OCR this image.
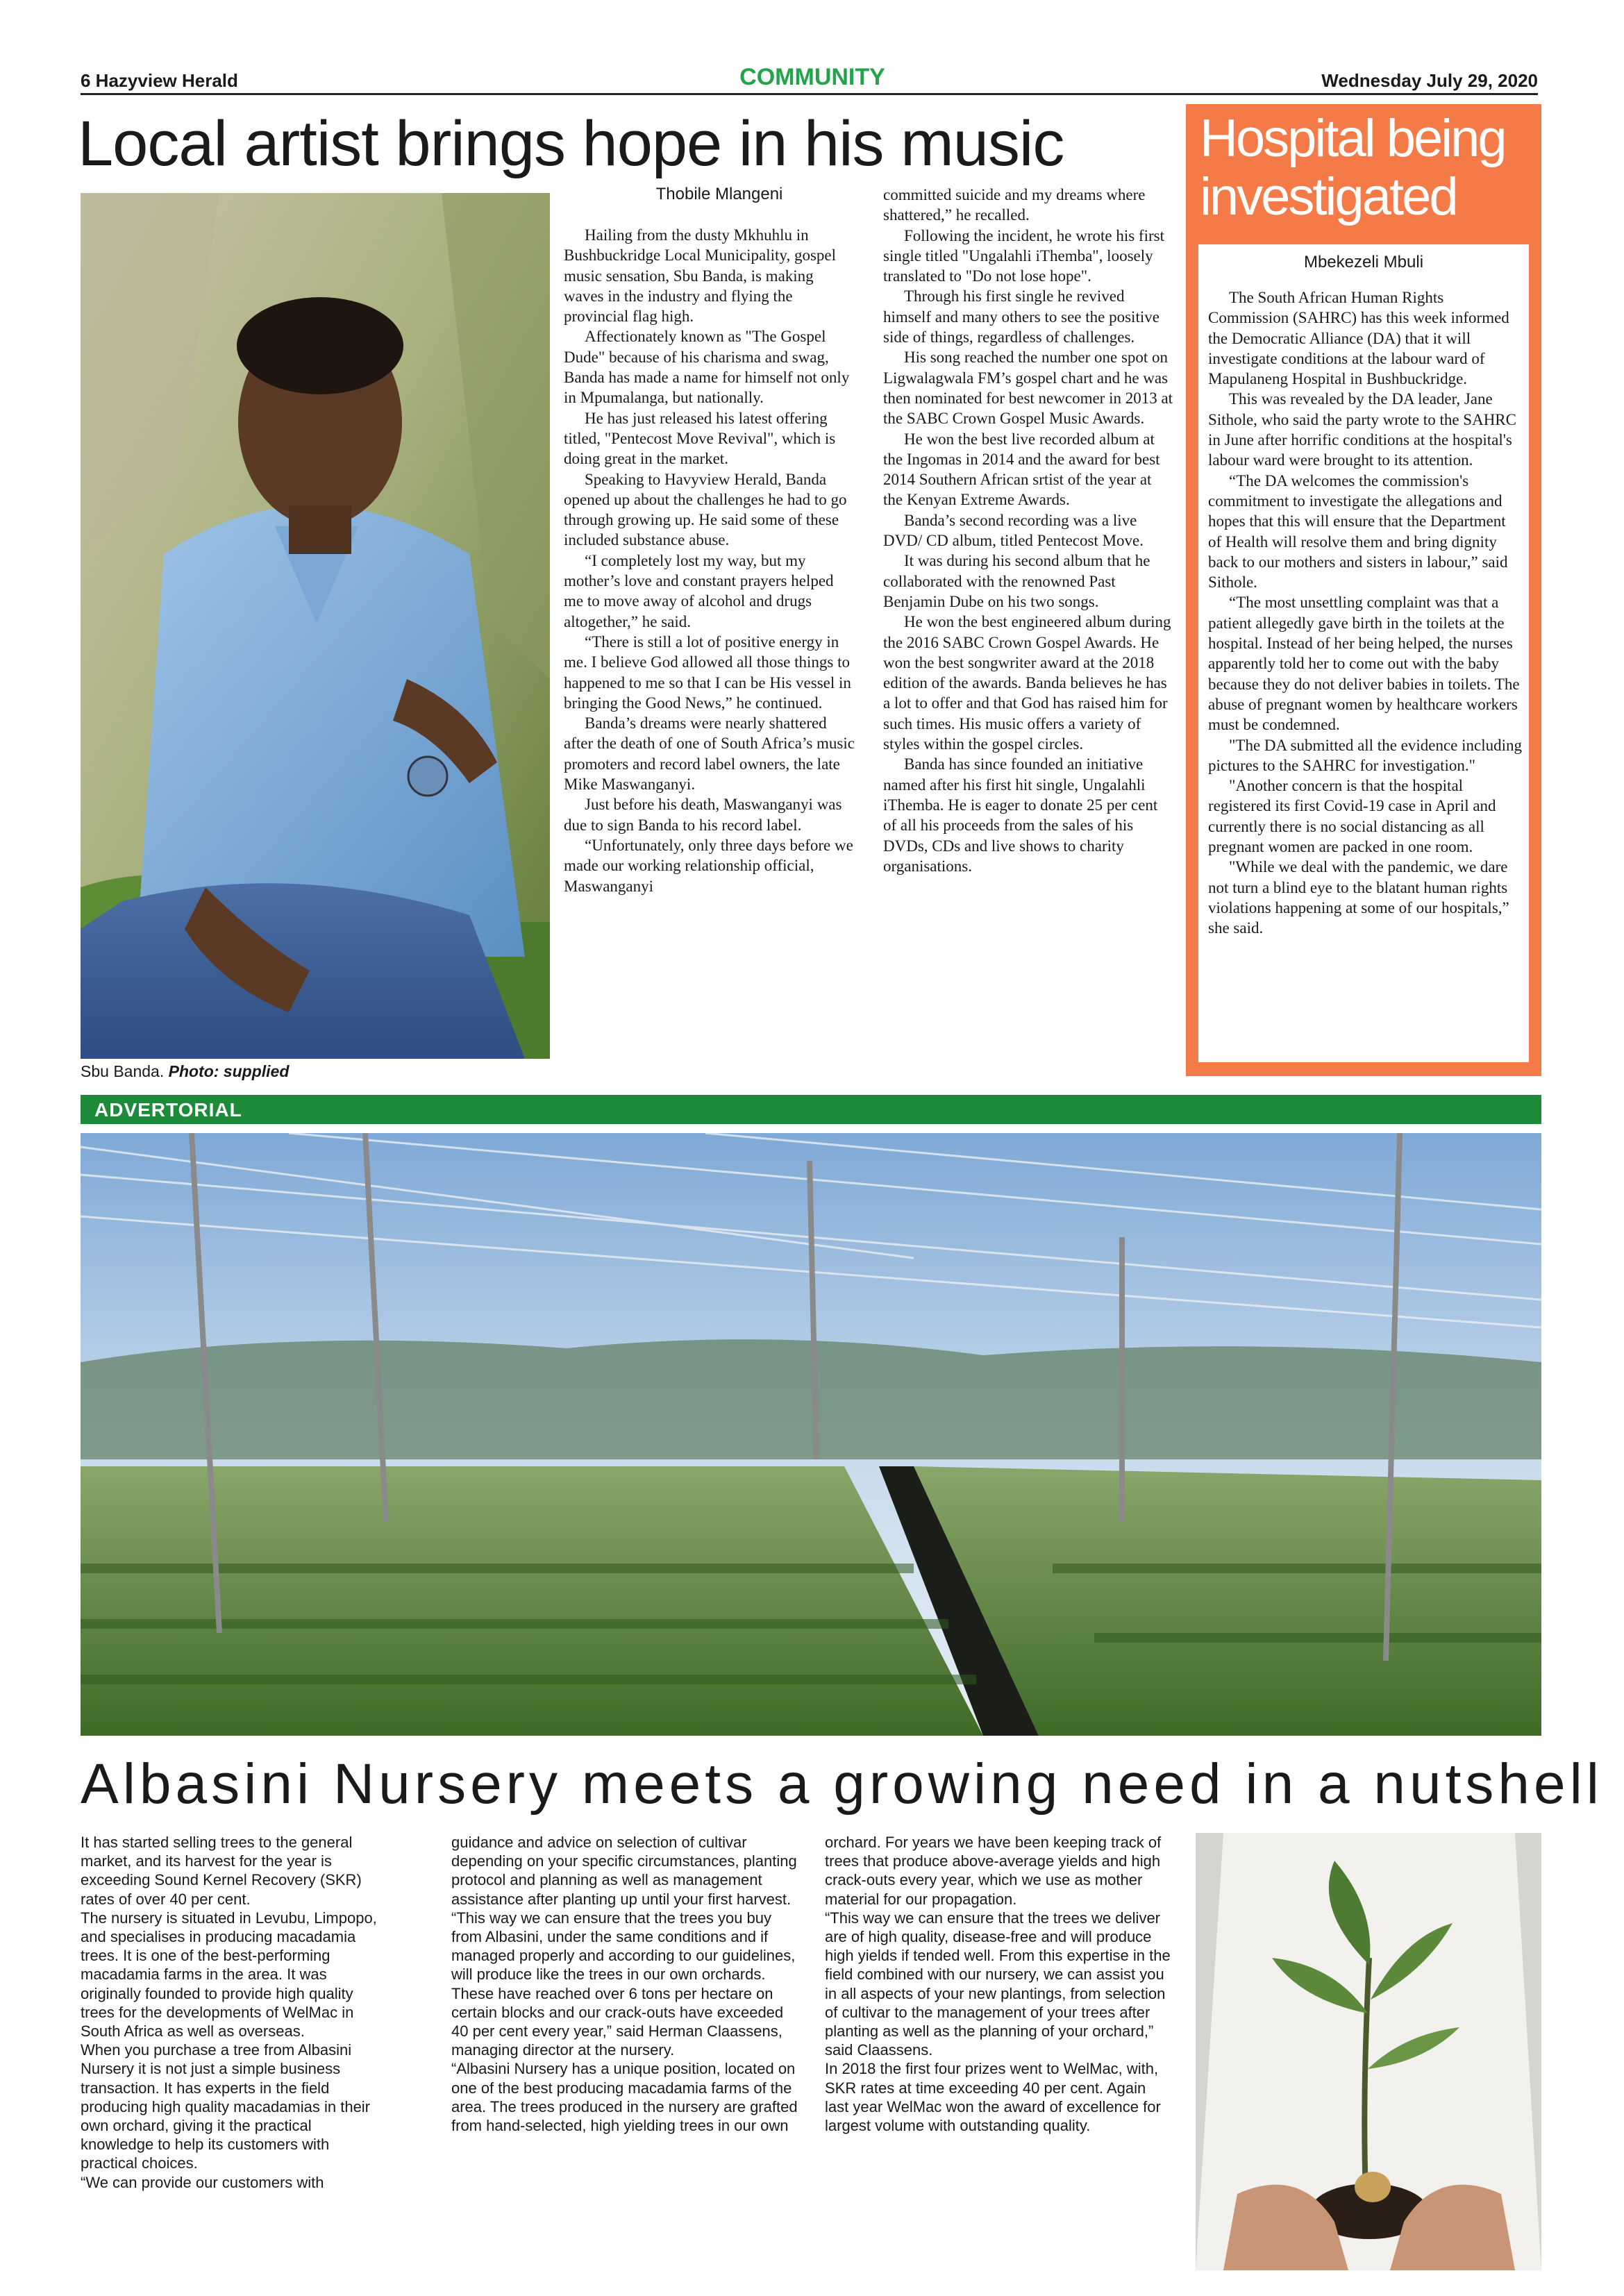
6 Hazyview Herald	COMMUNITY	Wednesday July 29, 2020
Local artist brings hope in his music
Sbu Banda. Photo: supplied
Thobile Mlangeni

Hailing from the dusty Mkhuhlu in Bushbuckridge Local Municipality, gospel music sensation, Sbu Banda, is making waves in the industry and flying the provincial flag high.

Affectionately known as "The Gospel Dude" because of his charisma and swag, Banda has made a name for himself not only in Mpumalanga, but nationally.

He has just released his latest offering titled, "Pentecost Move Revival", which is doing great in the market.

Speaking to Havyview Herald, Banda opened up about the challenges he had to go through growing up. He said some of these included substance abuse.

“I completely lost my way, but my mother’s love and constant prayers helped me to move away of alcohol and drugs altogether,” he said.

“There is still a lot of positive energy in me. I believe God allowed all those things to happened to me so that I can be His vessel in bringing the Good News,” he continued.

Banda’s dreams were nearly shattered after the death of one of South Africa’s music promoters and record label owners, the late Mike Maswanganyi.

Just before his death, Maswanganyi was due to sign Banda to his record label.

“Unfortunately, only three days before we made our working relationship official, Maswanganyi

committed suicide and my dreams where shattered,” he recalled.

Following the incident, he wrote his first single titled "Ungalahli iThemba", loosely translated to "Do not lose hope".

Through his first single he revived himself and many others to see the positive side of things, regardless of challenges.

His song reached the number one spot on Ligwalagwala FM’s gospel chart and he was then nominated for best newcomer in 2013 at the SABC Crown Gospel Music Awards.

He won the best live recorded album at the Ingomas in 2014 and the award for best 2014 Southern African srtist of the year at the Kenyan Extreme Awards.

Banda’s second recording was a live DVD/ CD album, titled Pentecost Move.

It was during his second album that he collaborated with the renowned Past Benjamin Dube on his two songs.

He won the best engineered album during the 2016 SABC Crown Gospel Awards. He won the best songwriter award at the 2018 edition of the awards. Banda believes he has a lot to offer and that God has raised him for such times. His music offers a variety of styles within the gospel circles.

Banda has since founded an initiative named after his first hit single, Ungalahli iThemba. He is eager to donate 25 per cent of all his proceeds from the sales of his DVDs, CDs and live shows to charity organisations.

Hospital being investigated
Mbekezeli Mbuli

The South African Human Rights Commission (SAHRC) has this week informed the Democratic Alliance (DA) that it will investigate conditions at the labour ward of Mapulaneng Hospital in Bushbuckridge.

This was revealed by the DA leader, Jane Sithole, who said the party wrote to the SAHRC in June after horrific conditions at the hospital's labour ward were brought to its attention.

“The DA welcomes the commission's commitment to investigate the allegations and hopes that this will ensure that the Department of Health will resolve them and bring dignity back to our mothers and sisters in labour,” said Sithole.

“The most unsettling complaint was that a patient allegedly gave birth in the toilets at the hospital. Instead of her being helped, the nurses apparently told her to come out with the baby because they do not deliver babies in toilets. The abuse of pregnant women by healthcare workers must be condemned.

"The DA submitted all the evidence including pictures to the SAHRC for investigation."

"Another concern is that the hospital registered its first Covid-19 case in April and currently there is no social distancing as all pregnant women are packed in one room.

"While we deal with the pandemic, we dare not turn a blind eye to the blatant human rights violations happening at some of our hospitals,” she said.

ADVERTORIAL
Albasini Nursery meets a growing need in a nutshell

It has started selling trees to the general market, and its harvest for the year is exceeding Sound Kernel Recovery (SKR) rates of over 40 per cent.

The nursery is situated in Levubu, Limpopo, and specialises in producing macadamia trees. It is one of the best-performing macadamia farms in the area. It was originally founded to provide high quality trees for the developments of WelMac in South Africa as well as overseas.

When you purchase a tree from Albasini Nursery it is not just a simple business transaction. It has experts in the field producing high quality macadamias in their own orchard, giving it the practical knowledge to help its customers with practical choices.

“We can provide our customers with

guidance and advice on selection of cultivar depending on your specific circumstances, planting protocol and planning as well as management assistance after planting up until your first harvest.

“This way we can ensure that the trees you buy from Albasini, under the same conditions and if managed properly and according to our guidelines, will produce like the trees in our own orchards. These have reached over 6 tons per hectare on certain blocks and our crack-outs have exceeded 40 per cent every year,” said Herman Claassens, managing director at the nursery.

“Albasini Nursery has a unique position, located on one of the best producing macadamia farms of the area. The trees produced in the nursery are grafted from hand-selected, high yielding trees in our own

orchard. For years we have been keeping track of trees that produce above-average yields and high crack-outs every year, which we use as mother material for our propagation.

“This way we can ensure that the trees we deliver are of high quality, disease-free and will produce high yields if tended well. From this expertise in the field combined with our nursery, we can assist you in all aspects of your new plantings, from selection of cultivar to the management of your trees after planting as well as the planning of your orchard,” said Claassens.

In 2018 the first four prizes went to WelMac, with, SKR rates at time exceeding 40 per cent. Again last year WelMac won the award of excellence for largest volume with outstanding quality.
